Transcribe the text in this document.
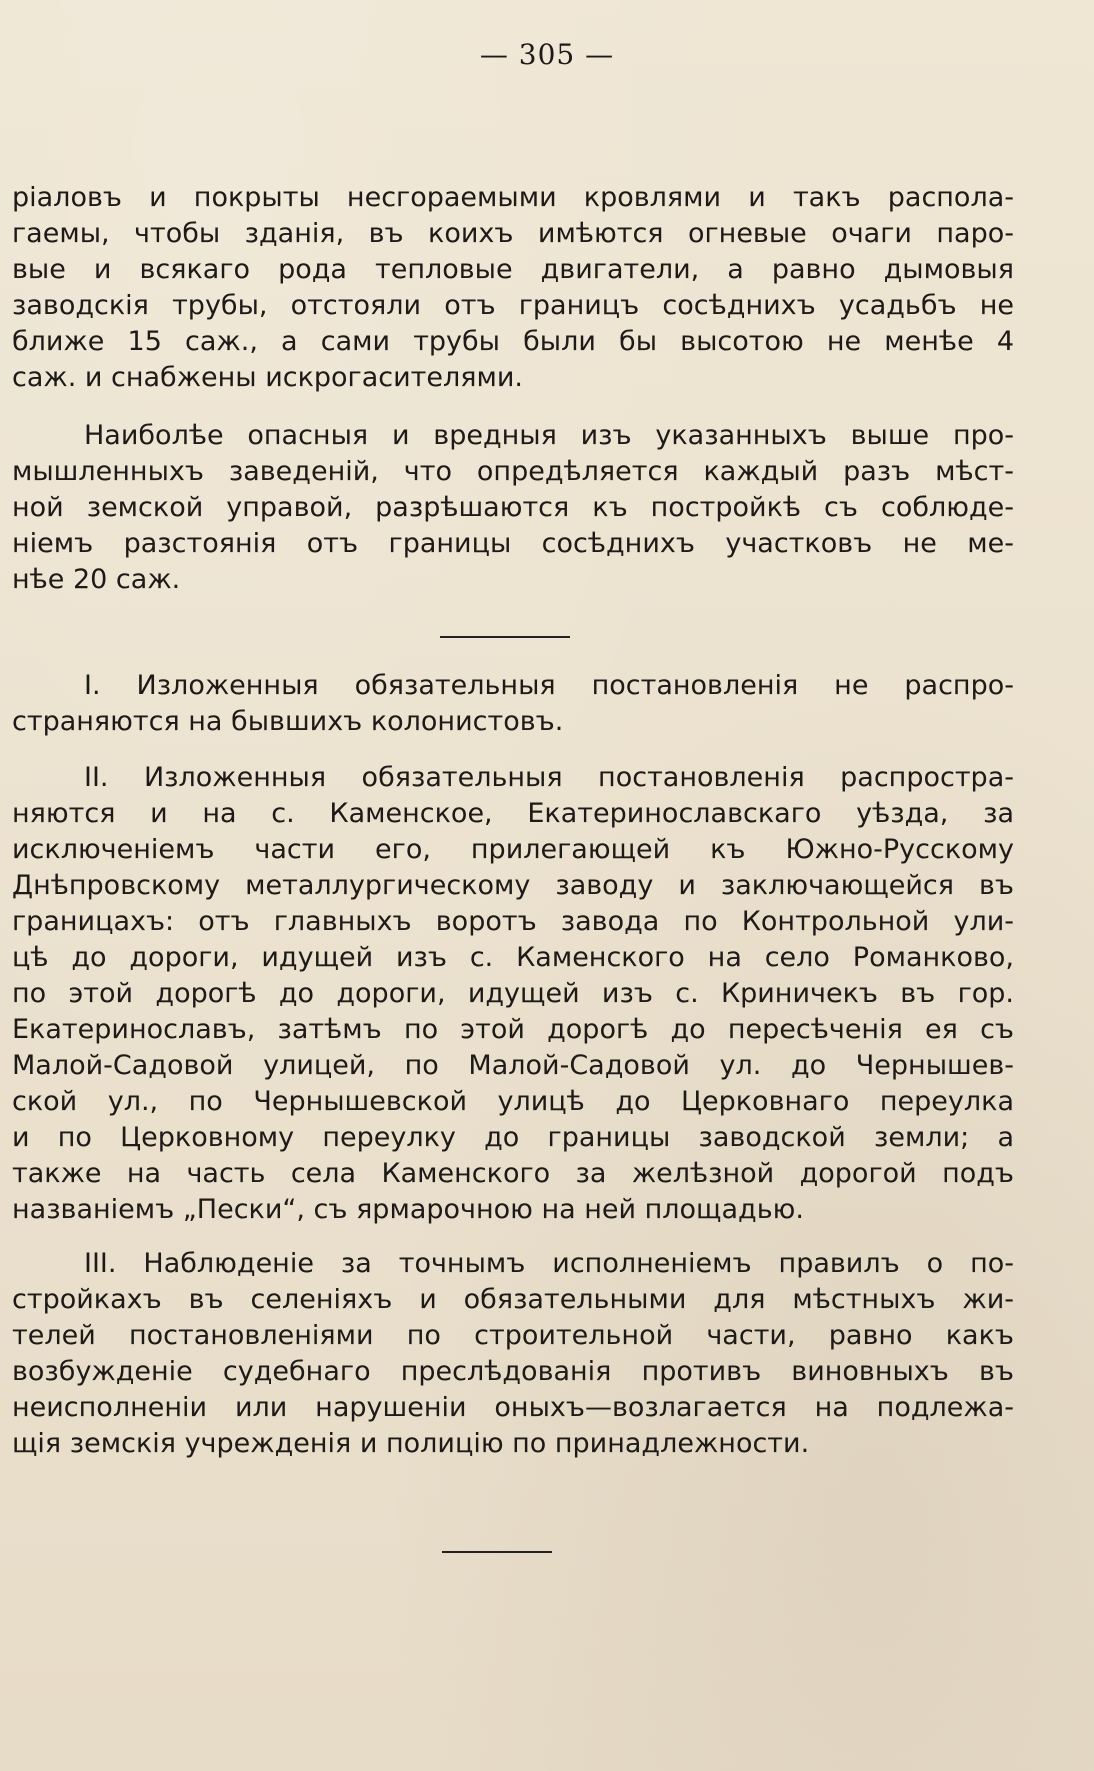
— 305 —
ріаловъ и покрыты несгораемыми кровлями и такъ распола-
гаемы, чтобы зданія, въ коихъ имѣются огневые очаги паро-
вые и всякаго рода тепловые двигатели, а равно дымовыя
заводскія трубы, отстояли отъ границъ сосѣднихъ усадьбъ не
ближе 15 саж., а сами трубы были бы высотою не менѣе 4
саж. и снабжены искрогасителями.
Наиболѣе опасныя и вредныя изъ указанныхъ выше про-
мышленныхъ заведеній, что опредѣляется каждый разъ мѣст-
ной земской управой, разрѣшаются къ постройкѣ съ соблюде-
ніемъ разстоянія отъ границы сосѣднихъ участковъ не ме-
нѣе 20 саж.
I. Изложенныя обязательныя постановленія не распро-
страняются на бывшихъ колонистовъ.
II. Изложенныя обязательныя постановленія распростра-
няются и на с. Каменское, Екатеринославскаго уѣзда, за
исключеніемъ части его, прилегающей къ Южно-Русскому
Днѣпровскому металлургическому заводу и заключающейся въ
границахъ: отъ главныхъ воротъ завода по Контрольной ули-
цѣ до дороги, идущей изъ с. Каменского на село Романково,
по этой дорогѣ до дороги, идущей изъ с. Криничекъ въ гор.
Екатеринославъ, затѣмъ по этой дорогѣ до пересѣченія ея съ
Малой-Садовой улицей, по Малой-Садовой ул. до Чернышев-
ской ул., по Чернышевской улицѣ до Церковнаго переулка
и по Церковному переулку до границы заводской земли; а
также на часть села Каменского за желѣзной дорогой подъ
названіемъ „Пески“, съ ярмарочною на ней площадью.
III. Наблюденіе за точнымъ исполненіемъ правилъ о по-
стройкахъ въ селеніяхъ и обязательными для мѣстныхъ жи-
телей постановленіями по строительной части, равно какъ
возбужденіе судебнаго преслѣдованія противъ виновныхъ въ
неисполненіи или нарушеніи оныхъ—возлагается на подлежа-
щія земскія учрежденія и полицію по принадлежности.
